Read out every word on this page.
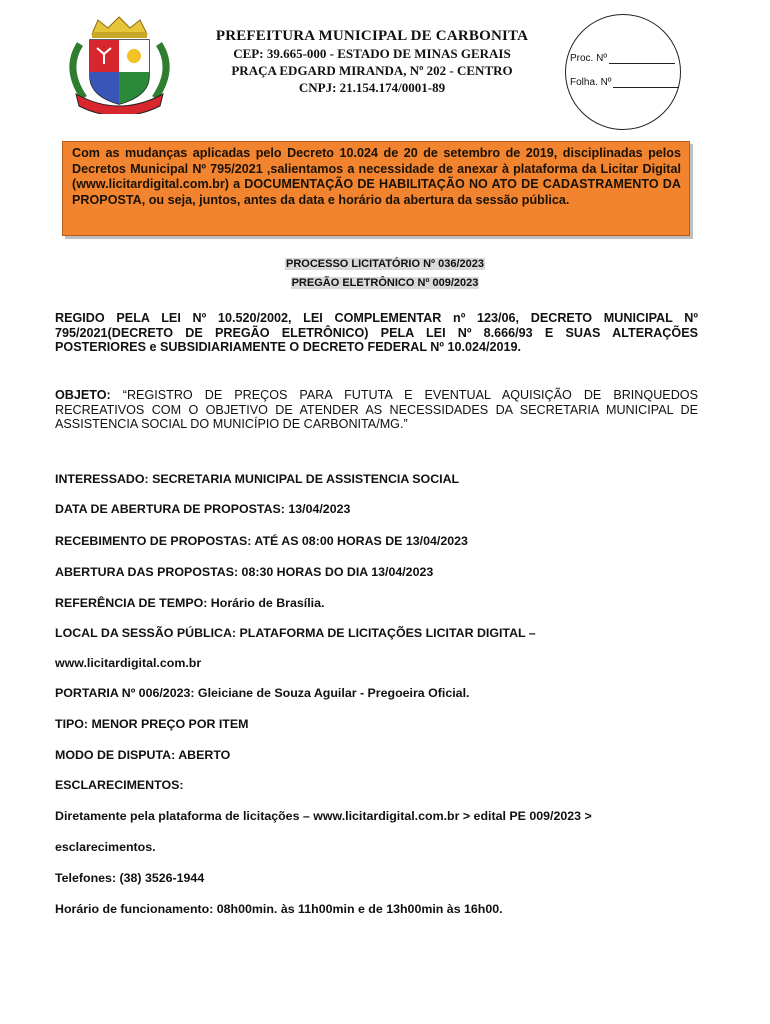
PREFEITURA MUNICIPAL DE CARBONITA
CEP: 39.665-000 - ESTADO DE MINAS GERAIS
PRAÇA EDGARD MIRANDA, Nº 202 - CENTRO
CNPJ: 21.154.174/0001-89
Proc. Nº
Folha. Nº
Com as mudanças aplicadas pelo Decreto 10.024 de 20 de setembro de 2019, disciplinadas pelos Decretos Municipal Nº 795/2021 ,salientamos a necessidade de anexar à plataforma da Licitar Digital (www.licitardigital.com.br) a DOCUMENTAÇÃO DE HABILITAÇÃO NO ATO DE CADASTRAMENTO DA PROPOSTA, ou seja, juntos, antes da data e horário da abertura da sessão pública.
PROCESSO LICITATÓRIO Nº 036/2023
PREGÃO ELETRÔNICO Nº 009/2023
REGIDO PELA LEI Nº 10.520/2002, LEI COMPLEMENTAR nº 123/06, DECRETO MUNICIPAL Nº 795/2021(DECRETO DE PREGÃO ELETRÔNICO) PELA LEI Nº 8.666/93 E SUAS ALTERAÇÕES POSTERIORES e SUBSIDIARIAMENTE O DECRETO FEDERAL Nº 10.024/2019.
OBJETO: “REGISTRO DE PREÇOS PARA FUTUTA E EVENTUAL AQUISIÇÃO DE BRINQUEDOS RECREATIVOS COM O OBJETIVO DE ATENDER AS NECESSIDADES DA SECRETARIA MUNICIPAL DE ASSISTENCIA SOCIAL DO MUNICÍPIO DE CARBONITA/MG.”
INTERESSADO: SECRETARIA MUNICIPAL DE ASSISTENCIA SOCIAL
DATA DE ABERTURA DE PROPOSTAS: 13/04/2023
RECEBIMENTO DE PROPOSTAS: ATÉ AS 08:00 HORAS DE 13/04/2023
ABERTURA DAS PROPOSTAS: 08:30 HORAS DO DIA 13/04/2023
REFERÊNCIA DE TEMPO: Horário de Brasília.
LOCAL DA SESSÃO PÚBLICA: PLATAFORMA DE LICITAÇÕES LICITAR DIGITAL –
www.licitardigital.com.br
PORTARIA Nº 006/2023: Gleiciane de Souza Aguilar - Pregoeira Oficial.
TIPO: MENOR PREÇO POR ITEM
MODO DE DISPUTA: ABERTO
ESCLARECIMENTOS:
Diretamente pela plataforma de licitações – www.licitardigital.com.br > edital PE 009/2023 >
esclarecimentos.
Telefones: (38) 3526-1944
Horário de funcionamento: 08h00min. às 11h00min e de 13h00min às 16h00.
